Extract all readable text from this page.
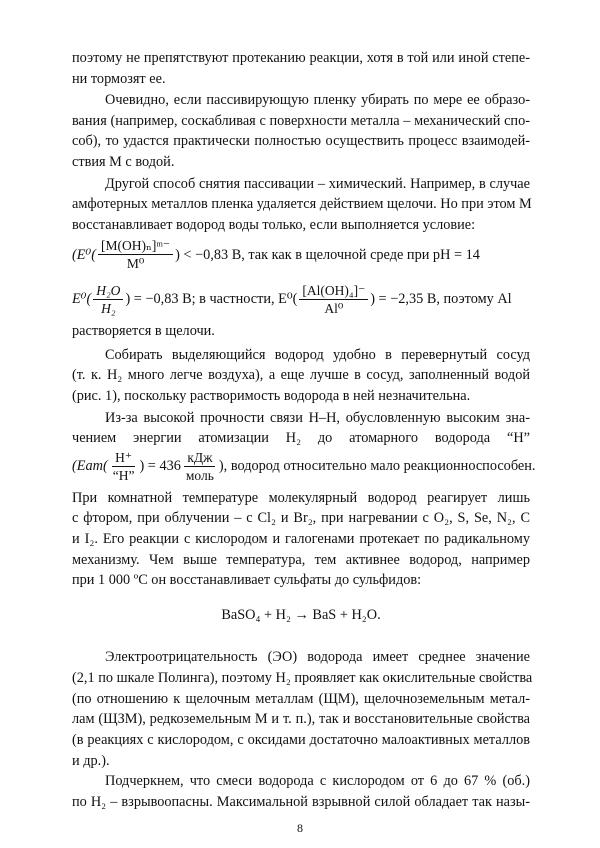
поэтому не препятствуют протеканию реакции, хотя в той или иной степе-
ни тормозят ее.
Очевидно, если пассивирующую пленку убирать по мере ее образо-
вания (например, соскабливая с поверхности металла – механический спо-
соб), то удастся практически полностью осуществить процесс взаимодей-
ствия М с водой.
Другой способ снятия пассивации – химический. Например, в случае
амфотерных металлов пленка удаляется действием щелочи. Но при этом М
восстанавливает водород воды только, если выполняется условие:
($E^0( \frac{\text{[M(OH)ₙ]ᵐ⁻}}{\text{M⁰}}$ ) < −0,83 B, так как в щелочной среде при pH = 14
$E^0( \frac{\text{H₂O}}{\text{H₂}}$ ) = −0,83 B; в частности, $E^0( \frac{\text{[Al(OH)₄]⁻}}{\text{Al⁰}}$ ) = −2,35 B, поэтому Al
растворяется в щелочи.
Собирать выделяющийся водород удобно в перевернутый сосуд
(т. к. H₂ много легче воздуха), а еще лучше в сосуд, заполненный водой
(рис. 1), поскольку растворимость водорода в ней незначительна.
Из-за высокой прочности связи H–H, обусловленную высоким зна-
чением энергии атомизации H₂ до атомарного водорода “H”
($Eат( \frac{H^+}{“H”}$ ) = $436 \frac{\text{кДж}}{\text{моль}}$ ), водород относительно мало реакционноспособен.
При комнатной температуре молекулярный водород реагирует лишь
с фтором, при облучении – с Cl₂ и Br₂, при нагревании с O₂, S, Se, N₂, C
и I₂. Его реакции с кислородом и галогенами протекает по радикальному
механизму. Чем выше температура, тем активнее водород, например
при 1 000 ºС он восстанавливает сульфаты до сульфидов:
BaSO₄ + H₂ → BaS + H₂O.
Электроотрицательность (ЭО) водорода имеет среднее значение
(2,1 по шкале Полинга), поэтому H₂ проявляет как окислительные свойства
(по отношению к щелочным металлам (ЩМ), щелочноземельным метал-
лам (ЩЗМ), редкоземельным М и т. п.), так и восстановительные свойства
(в реакциях с кислородом, с оксидами достаточно малоактивных металлов
и др.).
Подчеркнем, что смеси водорода с кислородом от 6 до 67 % (об.)
по H₂ – взрывоопасны. Максимальной взрывной силой обладает так назы-
8
